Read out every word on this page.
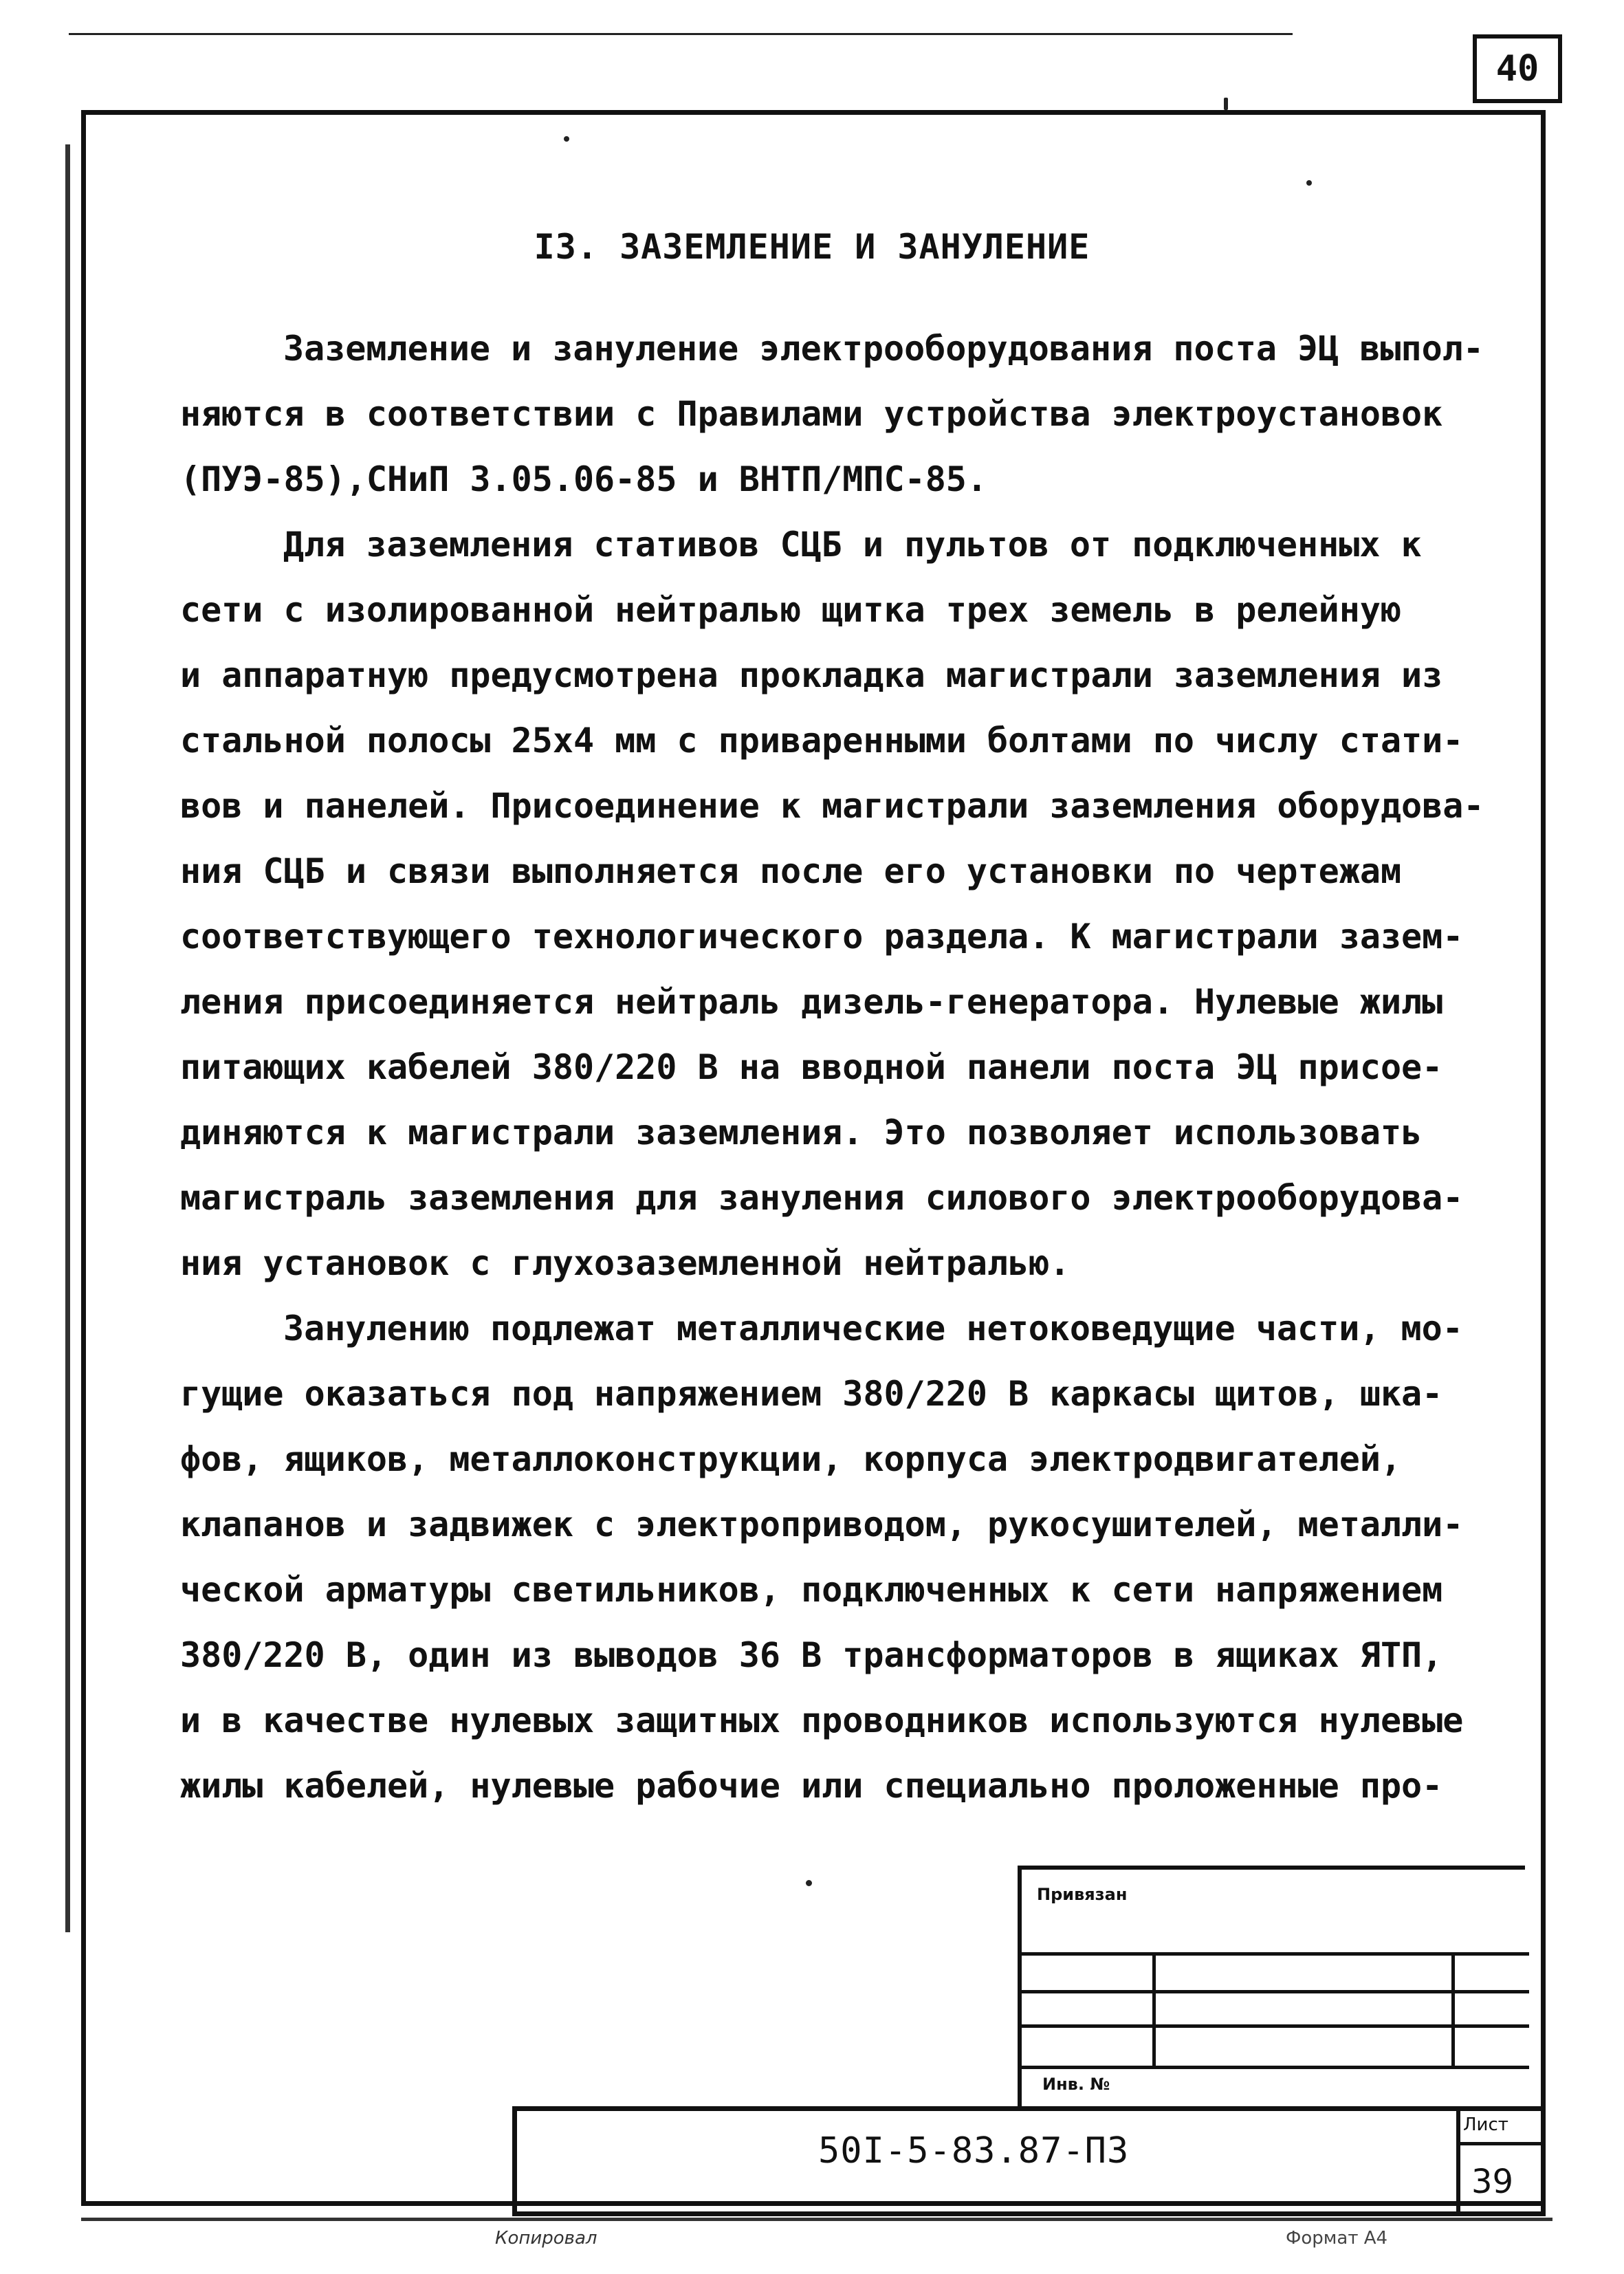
40
I3. ЗАЗЕМЛЕНИЕ И ЗАНУЛЕНИЕ
Заземление и зануление электрооборудования поста ЭЦ выпол-
няются в соответствии с Правилами устройства электроустановок
(ПУЭ-85),СНиП 3.05.06-85 и ВНТП/МПС-85.
Для заземления стативов СЦБ и пультов от подключенных к
сети с изолированной нейтралью щитка трех земель в релейную
и аппаратную предусмотрена прокладка магистрали заземления из
стальной полосы 25х4 мм с приваренными болтами по числу стати-
вов и панелей. Присоединение к магистрали заземления оборудова-
ния СЦБ и связи выполняется после его установки по чертежам
соответствующего технологического раздела. К магистрали зазем-
ления присоединяется нейтраль дизель-генератора. Нулевые жилы
питающих кабелей 380/220 В на вводной панели поста ЭЦ присое-
диняются к магистрали заземления. Это позволяет использовать
магистраль заземления для зануления силового электрооборудова-
ния установок с глухозаземленной нейтралью.
Занулению подлежат металлические нетоковедущие части, мо-
гущие оказаться под напряжением 380/220 В каркасы щитов, шка-
фов, ящиков, металлоконструкции, корпуса электродвигателей,
клапанов и задвижек с электроприводом, рукосушителей, металли-
ческой арматуры светильников, подключенных к сети напряжением
380/220 В, один из выводов 36 В трансформаторов в ящиках ЯТП,
и в качестве нулевых защитных проводников используются нулевые
жилы кабелей, нулевые рабочие или специально проложенные про-
Привязан
Инв. №
50I-5-83.87-ПЗ
Лист
39
Копировал	Формат А4
